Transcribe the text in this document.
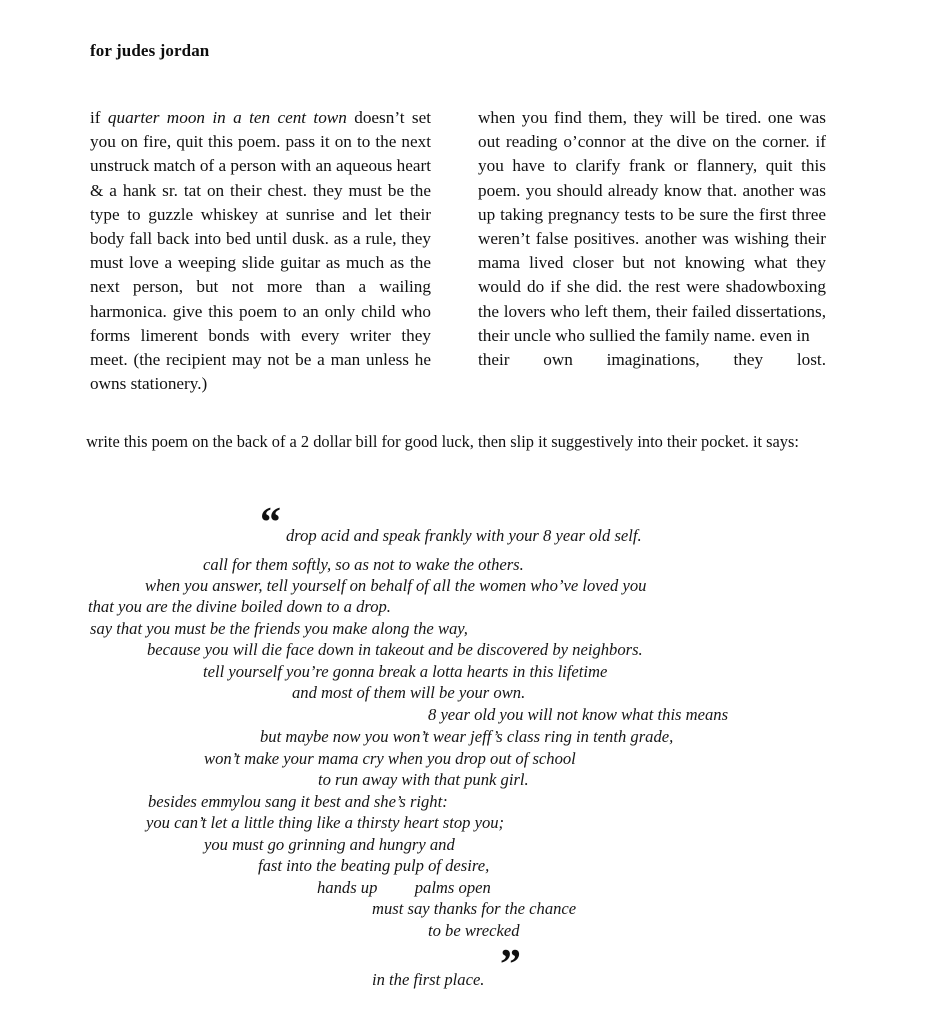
for judes jordan
if quarter moon in a ten cent town doesn’t set you on fire, quit this poem. pass it on to the next unstruck match of a person with an aqueous heart & a hank sr. tat on their chest. they must be the type to guzzle whiskey at sunrise and let their body fall back into bed until dusk. as a rule, they must love a weeping slide guitar as much as the next person, but not more than a wailing harmonica. give this poem to an only child who forms limerent bonds with every writer they meet. (the recipient may not be a man unless he owns stationery.)
when you find them, they will be tired. one was out reading o’connor at the dive on the corner. if you have to clarify frank or flannery, quit this poem. you should already know that. another was up taking pregnancy tests to be sure the first three weren’t false positives. another was wishing their mama lived closer but not knowing what they would do if she did. the rest were shadowboxing the lovers who left them, their failed dissertations, their uncle who sullied the family name. even in
their own imaginations, they lost.
write this poem on the back of a 2 dollar bill for good luck, then slip it suggestively into their pocket. it says:
“
”
drop acid and speak frankly with your 8 year old self.
call for them softly, so as not to wake the others.
when you answer, tell yourself on behalf of all the women who’ve loved you
that you are the divine boiled down to a drop.
say that you must be the friends you make along the way,
because you will die face down in takeout and be discovered by neighbors.
tell yourself you’re gonna break a lotta hearts in this lifetime
and most of them will be your own.
8 year old you will not know what this means
but maybe now you won’t wear jeff’s class ring in tenth grade,
won’t make your mama cry when you drop out of school
to run away with that punk girl.
besides emmylou sang it best and she’s right:
you can’t let a little thing like a thirsty heart stop you;
you must go grinning and hungry and
fast into the beating pulp of desire,
hands up         palms open
must say thanks for the chance
to be wrecked
in the first place.
